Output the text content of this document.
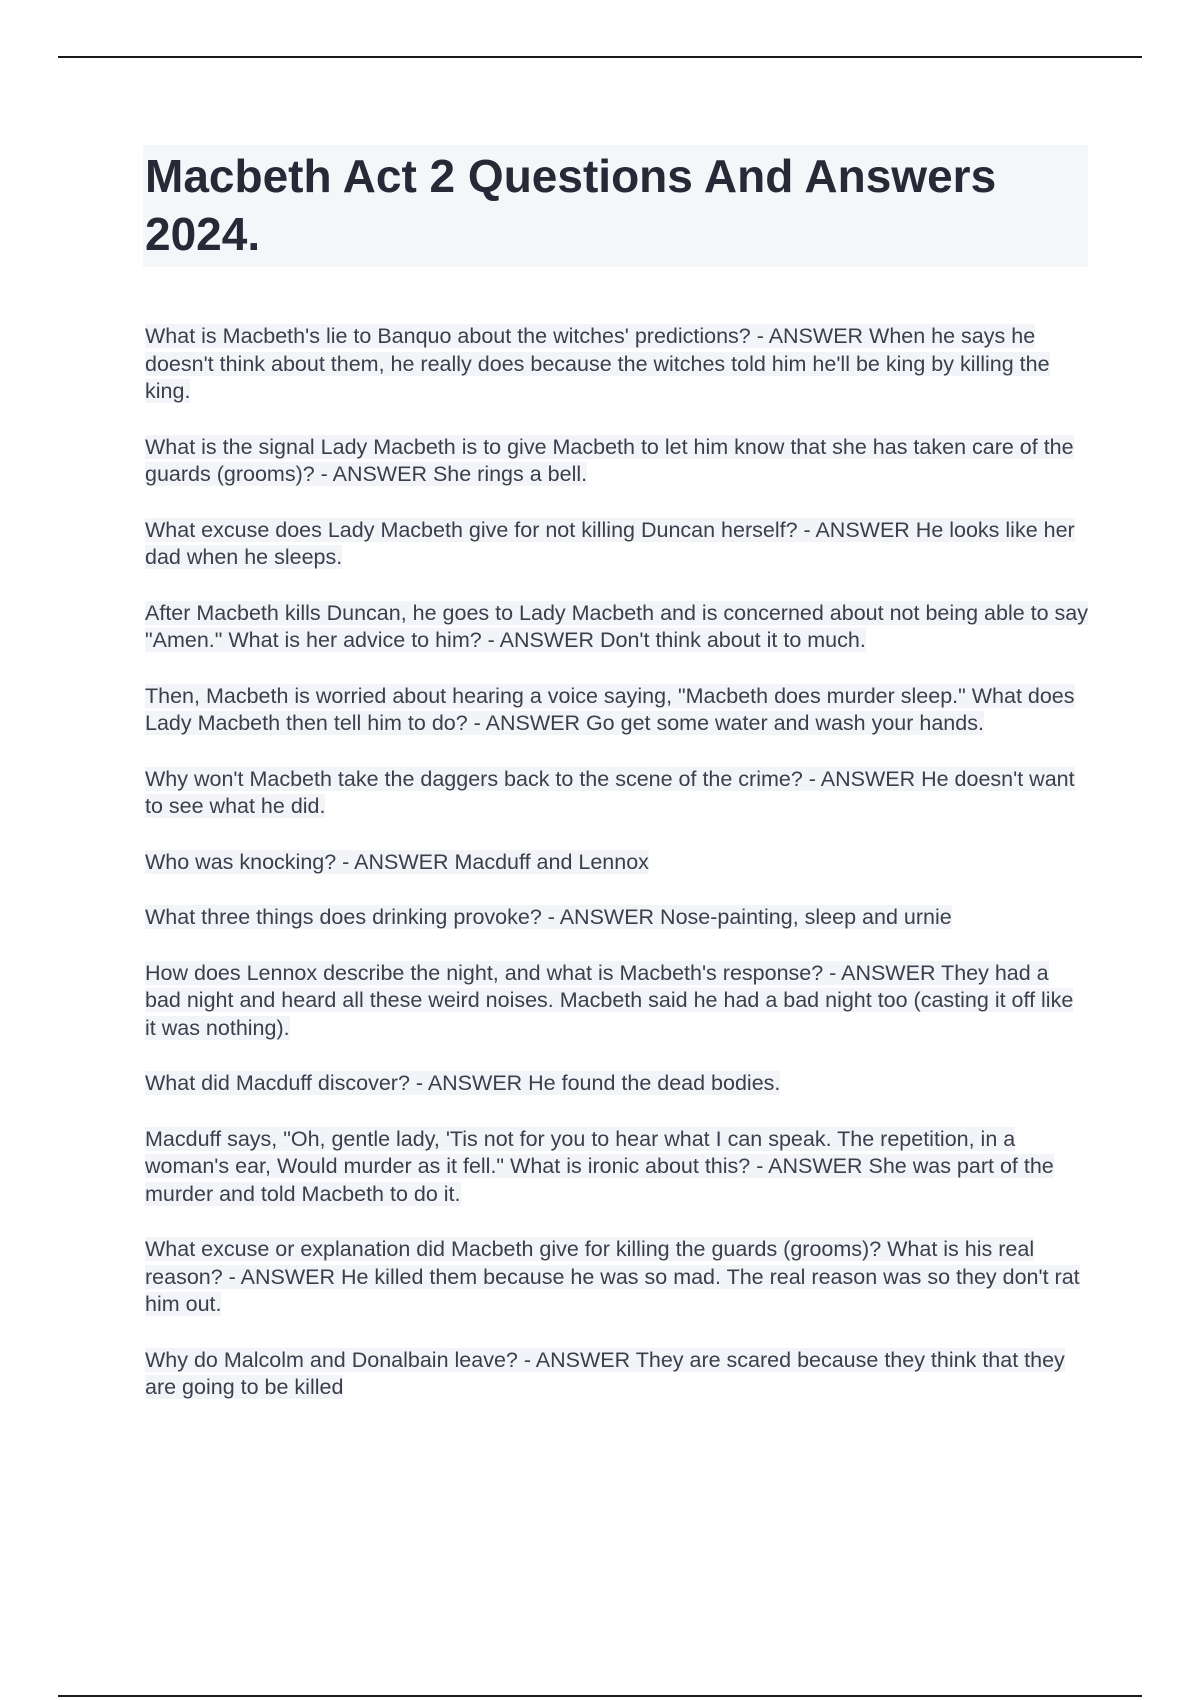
Macbeth Act 2 Questions And Answers 2024.

What is Macbeth's lie to Banquo about the witches' predictions? - ANSWER When he says he doesn't think about them, he really does because the witches told him he'll be king by killing the king.

What is the signal Lady Macbeth is to give Macbeth to let him know that she has taken care of the guards (grooms)? - ANSWER She rings a bell.

What excuse does Lady Macbeth give for not killing Duncan herself? - ANSWER He looks like her dad when he sleeps.

After Macbeth kills Duncan, he goes to Lady Macbeth and is concerned about not being able to say "Amen." What is her advice to him? - ANSWER Don't think about it to much.

Then, Macbeth is worried about hearing a voice saying, "Macbeth does murder sleep." What does Lady Macbeth then tell him to do? - ANSWER Go get some water and wash your hands.

Why won't Macbeth take the daggers back to the scene of the crime? - ANSWER He doesn't want to see what he did.

Who was knocking? - ANSWER Macduff and Lennox

What three things does drinking provoke? - ANSWER Nose-painting, sleep and urnie

How does Lennox describe the night, and what is Macbeth's response? - ANSWER They had a bad night and heard all these weird noises. Macbeth said he had a bad night too (casting it off like it was nothing).

What did Macduff discover? - ANSWER He found the dead bodies.

Macduff says, "Oh, gentle lady, 'Tis not for you to hear what I can speak. The repetition, in a woman's ear, Would murder as it fell." What is ironic about this? - ANSWER She was part of the murder and told Macbeth to do it.

What excuse or explanation did Macbeth give for killing the guards (grooms)? What is his real reason? - ANSWER He killed them because he was so mad. The real reason was so they don't rat him out.

Why do Malcolm and Donalbain leave? - ANSWER They are scared because they think that they are going to be killed
